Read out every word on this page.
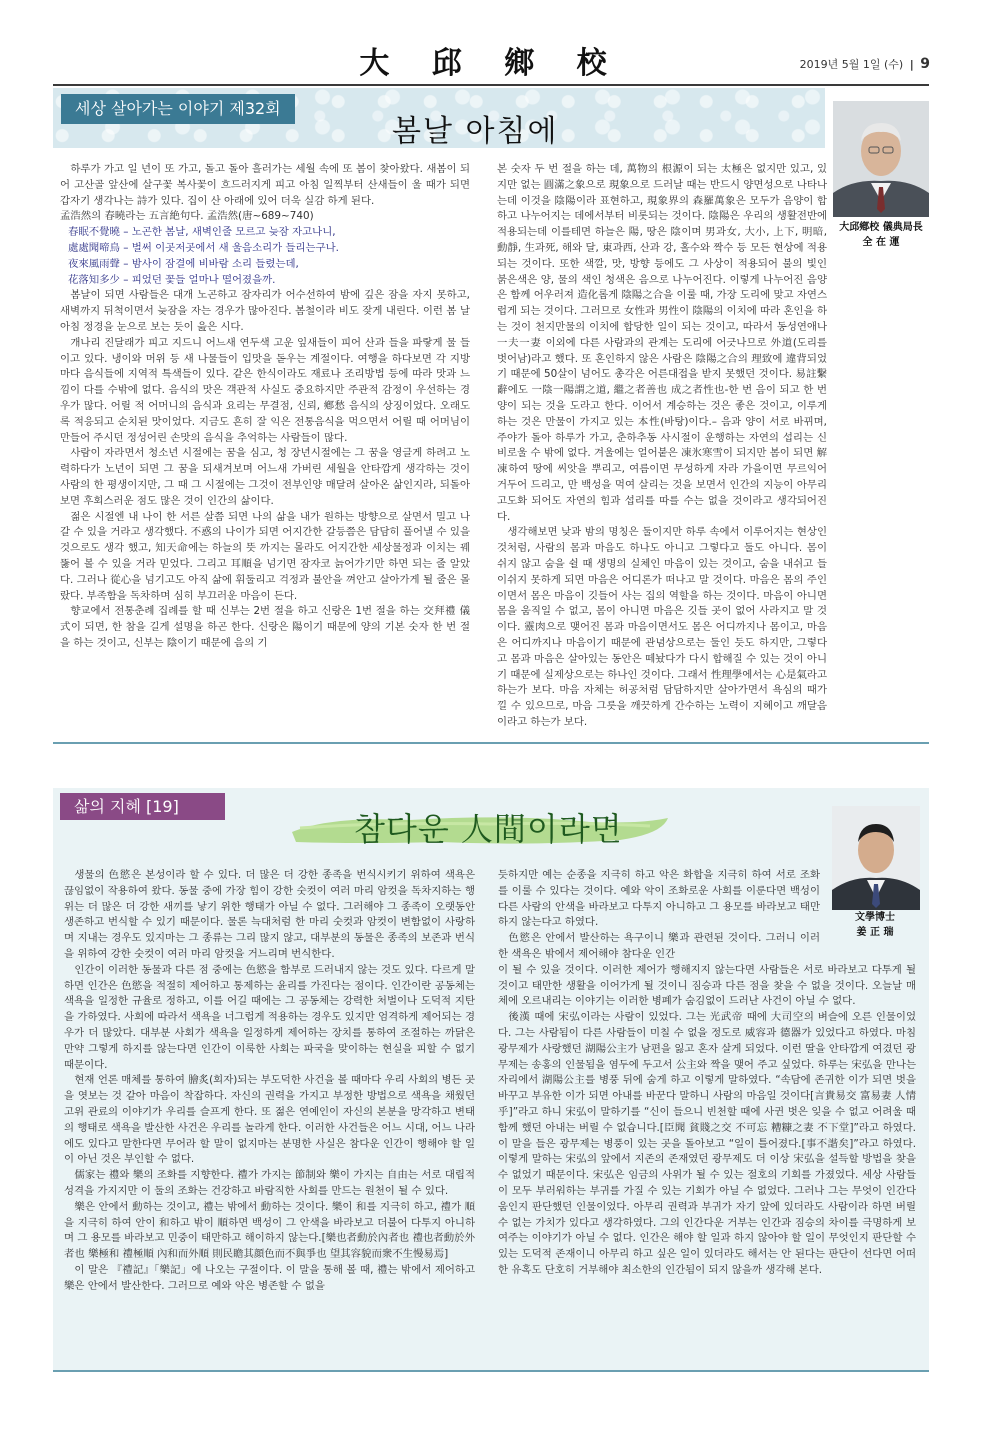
大 邱 鄉 校	2019년 5월 1일 (수) | 9
세상 살아가는 이야기 제32회
봄날 아침에
大邱鄕校 儀典局長
全 在 運

하루가 가고 일 년이 또 가고, 돌고 돌아 흘러가는 세월 속에 또 봄이 찾아왔다. 새봄이 되어 고산골 앞산에 살구꽃 복사꽃이 흐드러지게 피고 아침 일찍부터 산새들이 울 때가 되면 갑자기 생각나는 詩가 있다. 집이 산 아래에 있어 더욱 실감 하게 된다.

孟浩然의 春曉라는 五言絶句다. 孟浩然(唐~689~740)

春眠不覺曉 – 노곤한 봄날, 새벽인줄 모르고 늦잠 자고나니,

處處聞啼鳥 – 벌써 이곳저곳에서 새 울음소리가 들리는구나.

夜來風雨聲 – 밤사이 잠결에 비바람 소리 들렸는데,

花落知多少 – 피었던 꽃들 얼마나 떨어졌을까.

봄날이 되면 사람들은 대개 노곤하고 잠자리가 어수선하여 밤에 깊은 잠을 자지 못하고, 새벽까지 뒤척이면서 늦잠을 자는 경우가 많아진다. 봄철이라 비도 잦게 내린다. 이런 봄 날 아침 정경을 눈으로 보는 듯이 읊은 시다.

개나리 진달래가 피고 지드니 어느새 연두색 고운 잎새들이 피어 산과 들을 파랗게 물 들이고 있다. 냉이와 머위 등 새 나물들이 입맛을 돋우는 계절이다. 여행을 하다보면 각 지방마다 음식들에 지역적 특색들이 있다. 같은 한식이라도 재료나 조리방법 등에 따라 맛과 느낌이 다를 수밖에 없다. 음식의 맛은 객관적 사실도 중요하지만 주관적 감정이 우선하는 경우가 많다. 어릴 적 어머니의 음식과 요리는 무결점, 신뢰, 鄕愁 음식의 상징이었다. 오래도록 적응되고 순치된 맛이었다. 지금도 흔히 잘 익은 전통음식을 먹으면서 어릴 때 어머님이 만들어 주시던 정성어린 손맛의 음식을 추억하는 사람들이 많다.

사람이 자라면서 청소년 시절에는 꿈을 심고, 청 장년시절에는 그 꿈을 영글게 하려고 노력하다가 노년이 되면 그 꿈을 되새겨보며 어느새 가버린 세월을 안타깝게 생각하는 것이 사람의 한 평생이지만, 그 때 그 시절에는 그것이 전부인양 매달려 살아온 삶인지라, 되돌아보면 후회스러운 점도 많은 것이 인간의 삶이다.

젊은 시절엔 내 나이 한 서른 살쯤 되면 나의 삶을 내가 원하는 방향으로 살면서 밀고 나갈 수 있을 거라고 생각했다. 不惑의 나이가 되면 어지간한 갈등쯤은 담담히 풀어낼 수 있을 것으로도 생각 했고, 知天命에는 하늘의 뜻 까지는 몰라도 어지간한 세상물정과 이치는 꿰뚫어 볼 수 있을 거라 믿었다. 그리고 耳順을 넘기면 잠자코 늙어가기만 하면 되는 줄 알았다. 그러나 從心을 넘기고도 아직 삶에 휘둘리고 걱정과 불안을 껴안고 살아가게 될 줄은 몰랐다. 부족함을 독차하며 심히 부끄러운 마음이 든다.

향교에서 전통춘례 집례를 할 때 신부는 2번 절을 하고 신랑은 1번 절을 하는 交拜禮 儀式이 되면, 한 참을 길게 설명을 하곤 한다. 신랑은 陽이기 때문에 양의 기본 숫자 한 번 절을 하는 것이고, 신부는 陰이기 때문에 음의 기

본 숫자 두 번 절을 하는 데, 萬物의 根源이 되는 太極은 없지만 있고, 있지만 없는 圓滿之象으로 現象으로 드러날 때는 반드시 양면성으로 나타나는데 이것을 陰陽이라 표현하고, 現象界의 森羅萬象은 모두가 음양이 합하고 나누어지는 데에서부터 비롯되는 것이다. 陰陽은 우리의 생활전반에 적용되는데 이를테면 하늘은 陽, 땅은 陰이며 男과女, 大小, 上下, 明暗, 動靜, 生과死, 해와 달, 東과西, 산과 강, 홀수와 짝수 등 모든 현상에 적용되는 것이다. 또한 색깔, 맛, 방향 등에도 그 사상이 적용되어 불의 빛인 붉은색은 양, 물의 색인 청색은 음으로 나누어진다. 이렇게 나누어진 음양은 함께 어우러져 造化롭게 陰陽之合을 이룰 때, 가장 도리에 맞고 자연스럽게 되는 것이다. 그러므로 女性과 男性이 陰陽의 이치에 따라 혼인을 하는 것이 천지만물의 이치에 합당한 일이 되는 것이고, 따라서 동성연애나 一夫一妻 이외에 다른 사람과의 관계는 도리에 어긋나므로 外道(도리를 벗어남)라고 했다. 또 혼인하지 않은 사람은 陰陽之合의 理致에 違背되었기 때문에 50살이 넘어도 총각은 어른대접을 받지 못했던 것이다. 易註繫辭에도 一陰一陽謂之道, 繼之者善也 成之者性也-한 번 음이 되고 한 번 양이 되는 것을 도라고 한다. 이어서 계승하는 것은 좋은 것이고, 이루게 하는 것은 만물이 가지고 있는 本性(바탕)이다.– 음과 양이 서로 바뀌며, 주야가 돌아 하루가 가고, 춘하추동 사시절이 운행하는 자연의 섭리는 신비로울 수 밖에 없다. 겨울에는 얼어붙은 凍氷寒雪이 되지만 봄이 되면 解凍하여 땅에 씨앗을 뿌리고, 여름이면 무성하게 자라 가을이면 무르익어 거두어 드리고, 만 백성을 먹여 살리는 것을 보면서 인간의 지능이 아무리 고도화 되어도 자연의 힘과 섭리를 따를 수는 없을 것이라고 생각되어진다.

생각해보면 낮과 밤의 명칭은 둘이지만 하루 속에서 이루어지는 현상인 것처럼, 사람의 몸과 마음도 하나도 아니고 그렇다고 둘도 아니다. 몸이 쉬지 않고 숨을 쉴 때 생명의 실체인 마음이 있는 것이고, 숨을 내쉬고 들이쉬지 못하게 되면 마음은 어디론가 떠나고 말 것이다. 마음은 몸의 주인이면서 몸은 마음이 깃들어 사는 집의 역할을 하는 것이다. 마음이 아니면 몸을 움직일 수 없고, 몸이 아니면 마음은 깃들 곳이 없어 사라지고 말 것이다. 靈肉으로 맺어진 몸과 마음이면서도 몸은 어디까지나 몸이고, 마음은 어디까지나 마음이기 때문에 관념상으로는 둘인 듯도 하지만, 그렇다고 몸과 마음은 살아있는 동안은 떼놨다가 다시 합해질 수 있는 것이 아니기 때문에 실제상으로는 하나인 것이다. 그래서 性理學에서는 心是氣라고 하는가 보다. 마음 자체는 허공처럼 담담하지만 살아가면서 욕심의 때가 낄 수 있으므로, 마음 그릇을 깨끗하게 간수하는 노력이 지혜이고 깨달음이라고 하는가 보다.

삶의 지혜 [19]
참다운 人間이라면
文學博士
姜 正 瑞

생물의 色慾은 본성이라 할 수 있다. 더 많은 더 강한 종족을 번식시키기 위하여 색욕은 끊임없이 작용하여 왔다. 동물 중에 가장 힘이 강한 숫컷이 여러 마리 암컷을 독차지하는 행위는 더 많은 더 강한 새끼를 낳기 위한 행태가 아닐 수 없다. 그러해야 그 종족이 오랫동안 생존하고 번식할 수 있기 때문이다. 물론 늑대처럼 한 마리 숫컷과 암컷이 변함없이 사랑하며 지내는 경우도 있지마는 그 종류는 그리 많지 않고, 대부분의 동물은 종족의 보존과 번식을 위하여 강한 숫컷이 여러 마리 암컷을 거느리며 번식한다.

인간이 이러한 동물과 다른 점 중에는 色慾을 함부로 드러내지 않는 것도 있다. 다르게 말하면 인간은 色慾을 적절히 제어하고 통제하는 윤리를 가진다는 점이다. 인간이란 공동체는 색욕을 일정한 규율로 정하고, 이를 어길 때에는 그 공동체는 강력한 처벌이나 도덕적 지탄을 가하였다. 사회에 따라서 색욕을 너그럽게 적용하는 경우도 있지만 엄격하게 제어되는 경우가 더 많았다. 대부분 사회가 색욕을 일정하게 제어하는 장치를 통하여 조절하는 까닭은 만약 그렇게 하지를 않는다면 인간이 이룩한 사회는 파국을 맞이하는 현실을 피할 수 없기 때문이다.

현재 언론 매체를 통하여 膾炙(회자)되는 부도덕한 사건을 볼 때마다 우리 사회의 병든 곳을 엿보는 것 같아 마음이 착잡하다. 자신의 권력을 가지고 부정한 방법으로 색욕을 채웠던 고위 관료의 이야기가 우리를 슬프게 한다. 또 젊은 연예인이 자신의 본분을 망각하고 변태의 행태로 색욕을 발산한 사건은 우리를 놀라게 한다. 이러한 사건들은 어느 시대, 어느 나라에도 있다고 말한다면 무어라 할 말이 없지마는 분명한 사실은 참다운 인간이 행해야 할 일이 아닌 것은 부인할 수 없다.

儒家는 禮와 樂의 조화를 지향한다. 禮가 가지는 節制와 樂이 가지는 自由는 서로 대립적 성격을 가지지만 이 둘의 조화는 건강하고 바람직한 사회를 만드는 원천이 될 수 있다.

樂은 안에서 動하는 것이고, 禮는 밖에서 動하는 것이다. 樂이 和를 지극히 하고, 禮가 順을 지극히 하여 안이 和하고 밖이 順하면 백성이 그 안색을 바라보고 더불어 다투지 아니하며 그 용모를 바라보고 민중이 태만하고 해이하지 않는다.[樂也者動於內者也 禮也者動於外者也 樂極和 禮極順 內和而外順 則民瞻其顔色而不與爭也 望其容貌而衆不生慢易焉]

이 말은 『禮記』「樂記」에 나오는 구절이다. 이 말을 통해 볼 때, 禮는 밖에서 제어하고 樂은 안에서 발산한다. 그러므로 예와 악은 병존할 수 없을

듯하지만 예는 순종을 지극히 하고 악은 화합을 지극히 하여 서로 조화를 이룰 수 있다는 것이다. 예와 악이 조화로운 사회를 이룬다면 백성이 다른 사람의 안색을 바라보고 다투지 아니하고 그 용모를 바라보고 태만하지 않는다고 하였다.

色慾은 안에서 발산하는 욕구이니 樂과 관련된 것이다. 그러니 이러한 색욕은 밖에서 제어해야 참다운 인간

이 될 수 있을 것이다. 이러한 제어가 행해지지 않는다면 사람들은 서로 바라보고 다투게 될 것이고 태만한 생활을 이어가게 될 것이니 짐승과 다른 점을 찾을 수 없을 것이다. 오늘날 매체에 오르내리는 이야기는 이러한 병폐가 숨김없이 드러난 사건이 아닐 수 없다.

後漢 때에 宋弘이라는 사람이 있었다. 그는 光武帝 때에 大司空의 벼슬에 오른 인물이었다. 그는 사람됨이 다른 사람들이 미칠 수 없을 정도로 威容과 德器가 있었다고 하였다. 마침 광무제가 사랑했던 湖陽公主가 남편을 잃고 혼자 살게 되었다. 이런 딸을 안타깝게 여겼던 광무제는 송홍의 인물됨을 염두에 두고서 公主와 짝을 맺어 주고 싶었다. 하루는 宋弘을 만나는 자리에서 湖陽公主를 병풍 뒤에 숨게 하고 이렇게 말하였다. “속담에 존귀한 이가 되면 벗을 바꾸고 부유한 이가 되면 아내를 바꾼다 말하니 사람의 마음일 것이다[言貴易交 富易妻 人情乎]”라고 하니 宋弘이 말하기를 “신이 들으니 빈천할 때에 사귄 벗은 잊을 수 없고 어려울 때 함께 했던 아내는 버릴 수 없습니다.[臣聞 貧賤之交 不可忘 糟糠之妻 不下堂]”라고 하였다. 이 말을 들은 광무제는 병풍이 있는 곳을 돌아보고 “일이 틀어졌다.[事不諧矣]”라고 하였다. 이렇게 말하는 宋弘의 앞에서 지존의 존재였던 광무제도 더 이상 宋弘을 설득할 방법을 찾을 수 없었기 때문이다. 宋弘은 임금의 사위가 될 수 있는 절호의 기회를 가졌었다. 세상 사람들이 모두 부러워하는 부귀를 가질 수 있는 기회가 아닐 수 없었다. 그러나 그는 무엇이 인간다움인지 판단했던 인물이었다. 아무리 권력과 부귀가 자기 앞에 있더라도 사람이라 하면 버릴 수 없는 가치가 있다고 생각하였다. 그의 인간다운 거부는 인간과 짐승의 차이를 극명하게 보여주는 이야기가 아닐 수 없다. 인간은 해야 할 일과 하지 않아야 할 일이 무엇인지 판단할 수 있는 도덕적 존재이니 아무리 하고 싶은 일이 있더라도 해서는 안 된다는 판단이 선다면 어떠한 유혹도 단호히 거부해야 최소한의 인간됨이 되지 않을까 생각해 본다.
